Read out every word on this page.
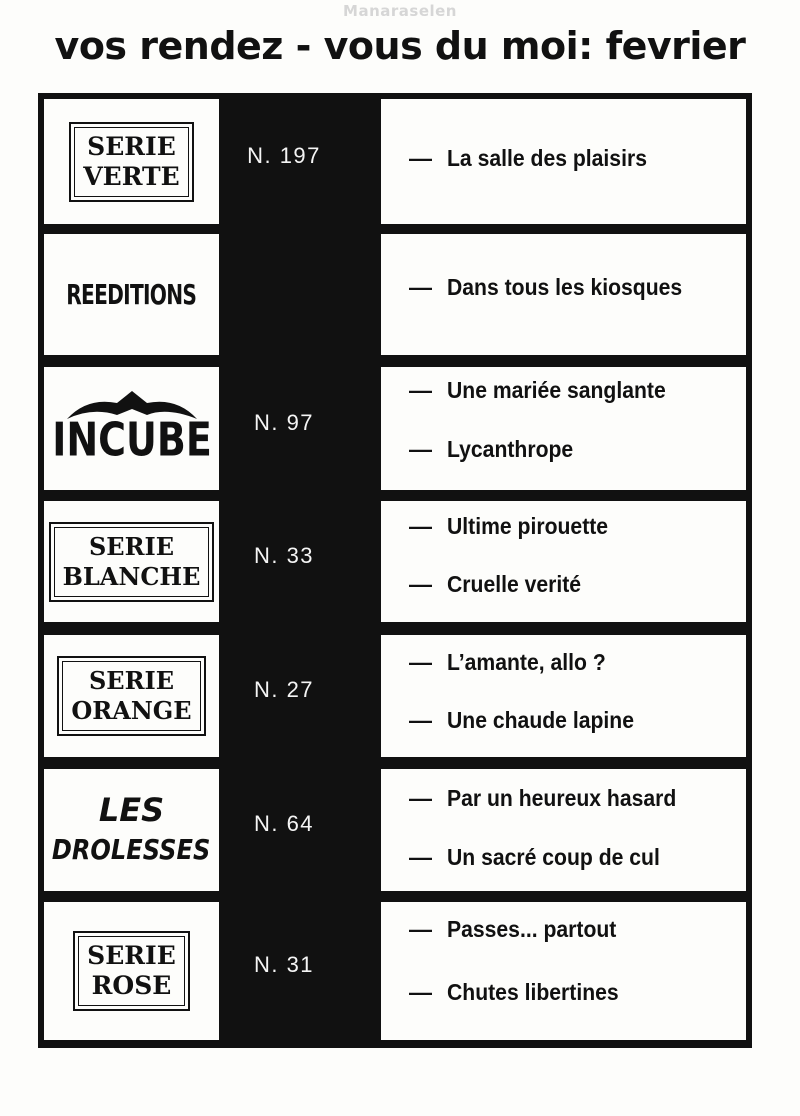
Manaraselen
vos rendez - vous du moi: fevrier
SERIE
VERTE
N. 197	— La salle des plaisirs
REEDITIONS	— Dans tous les kiosques
INCUBE N. 97
— Une mariée sanglante
— Lycanthrope
SERIE
BLANCHE
N. 33
— Ultime pirouette
— Cruelle verité
SERIE
ORANGE
N. 27
— L’amante, allo ?
— Une chaude lapine
LES
DROLESSES
N. 64
— Par un heureux hasard
— Un sacré coup de cul
SERIE
ROSE
N. 31
— Passes... partout
— Chutes libertines
